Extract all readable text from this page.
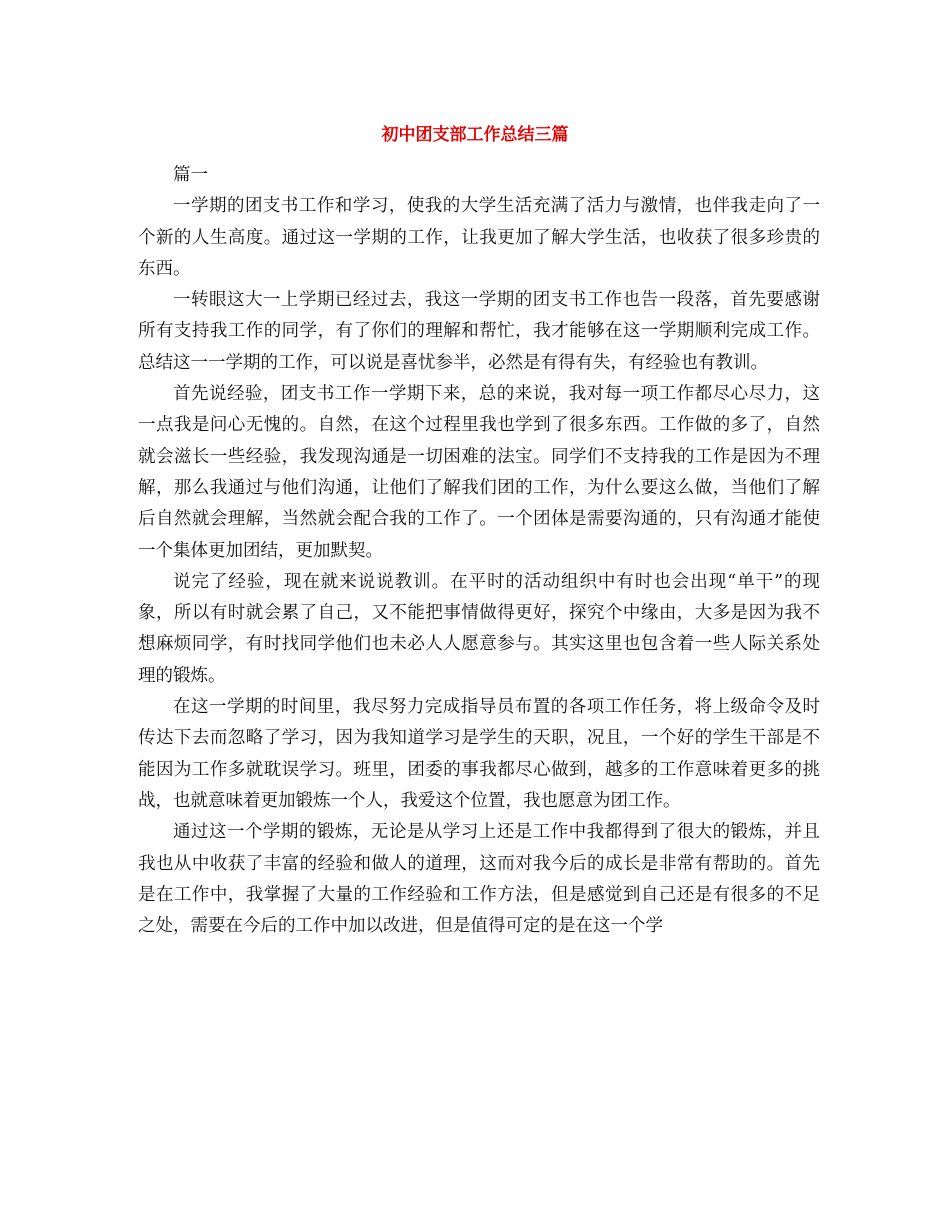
初中团支部工作总结三篇

篇一

一学期的团支书工作和学习，使我的大学生活充满了活力与激情，也伴我走向了一个新的人生高度。通过这一学期的工作，让我更加了解大学生活，也收获了很多珍贵的东西。

一转眼这大一上学期已经过去，我这一学期的团支书工作也告一段落，首先要感谢所有支持我工作的同学，有了你们的理解和帮忙，我才能够在这一学期顺利完成工作。总结这一一学期的工作，可以说是喜忧参半，必然是有得有失，有经验也有教训。

首先说经验，团支书工作一学期下来，总的来说，我对每一项工作都尽心尽力，这一点我是问心无愧的。自然，在这个过程里我也学到了很多东西。工作做的多了，自然就会滋长一些经验，我发现沟通是一切困难的法宝。同学们不支持我的工作是因为不理解，那么我通过与他们沟通，让他们了解我们团的工作，为什么要这么做，当他们了解后自然就会理解，当然就会配合我的工作了。一个团体是需要沟通的，只有沟通才能使一个集体更加团结，更加默契。

说完了经验，现在就来说说教训。在平时的活动组织中有时也会出现“单干”的现象，所以有时就会累了自己，又不能把事情做得更好，探究个中缘由，大多是因为我不想麻烦同学，有时找同学他们也未必人人愿意参与。其实这里也包含着一些人际关系处理的锻炼。

在这一学期的时间里，我尽努力完成指导员布置的各项工作任务，将上级命令及时传达下去而忽略了学习，因为我知道学习是学生的天职，况且，一个好的学生干部是不能因为工作多就耽误学习。班里，团委的事我都尽心做到，越多的工作意味着更多的挑战，也就意味着更加锻炼一个人，我爱这个位置，我也愿意为团工作。

通过这一个学期的锻炼，无论是从学习上还是工作中我都得到了很大的锻炼，并且我也从中收获了丰富的经验和做人的道理，这而对我今后的成长是非常有帮助的。首先是在工作中，我掌握了大量的工作经验和工作方法，但是感觉到自己还是有很多的不足之处，需要在今后的工作中加以改进，但是值得可定的是在这一个学
